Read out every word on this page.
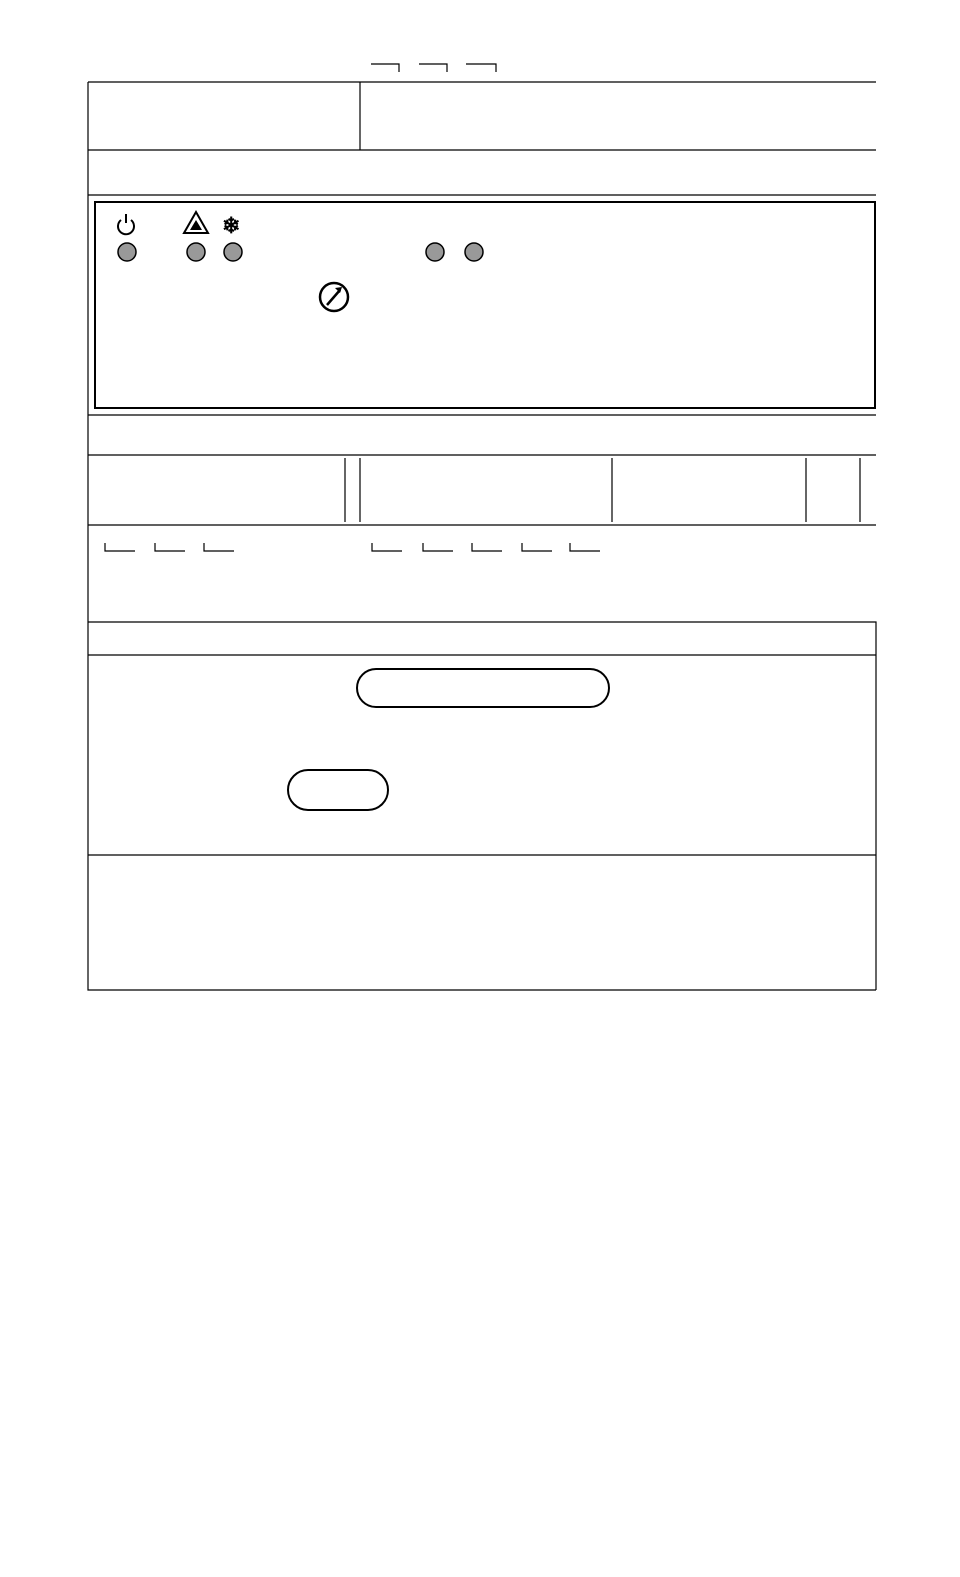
❄
